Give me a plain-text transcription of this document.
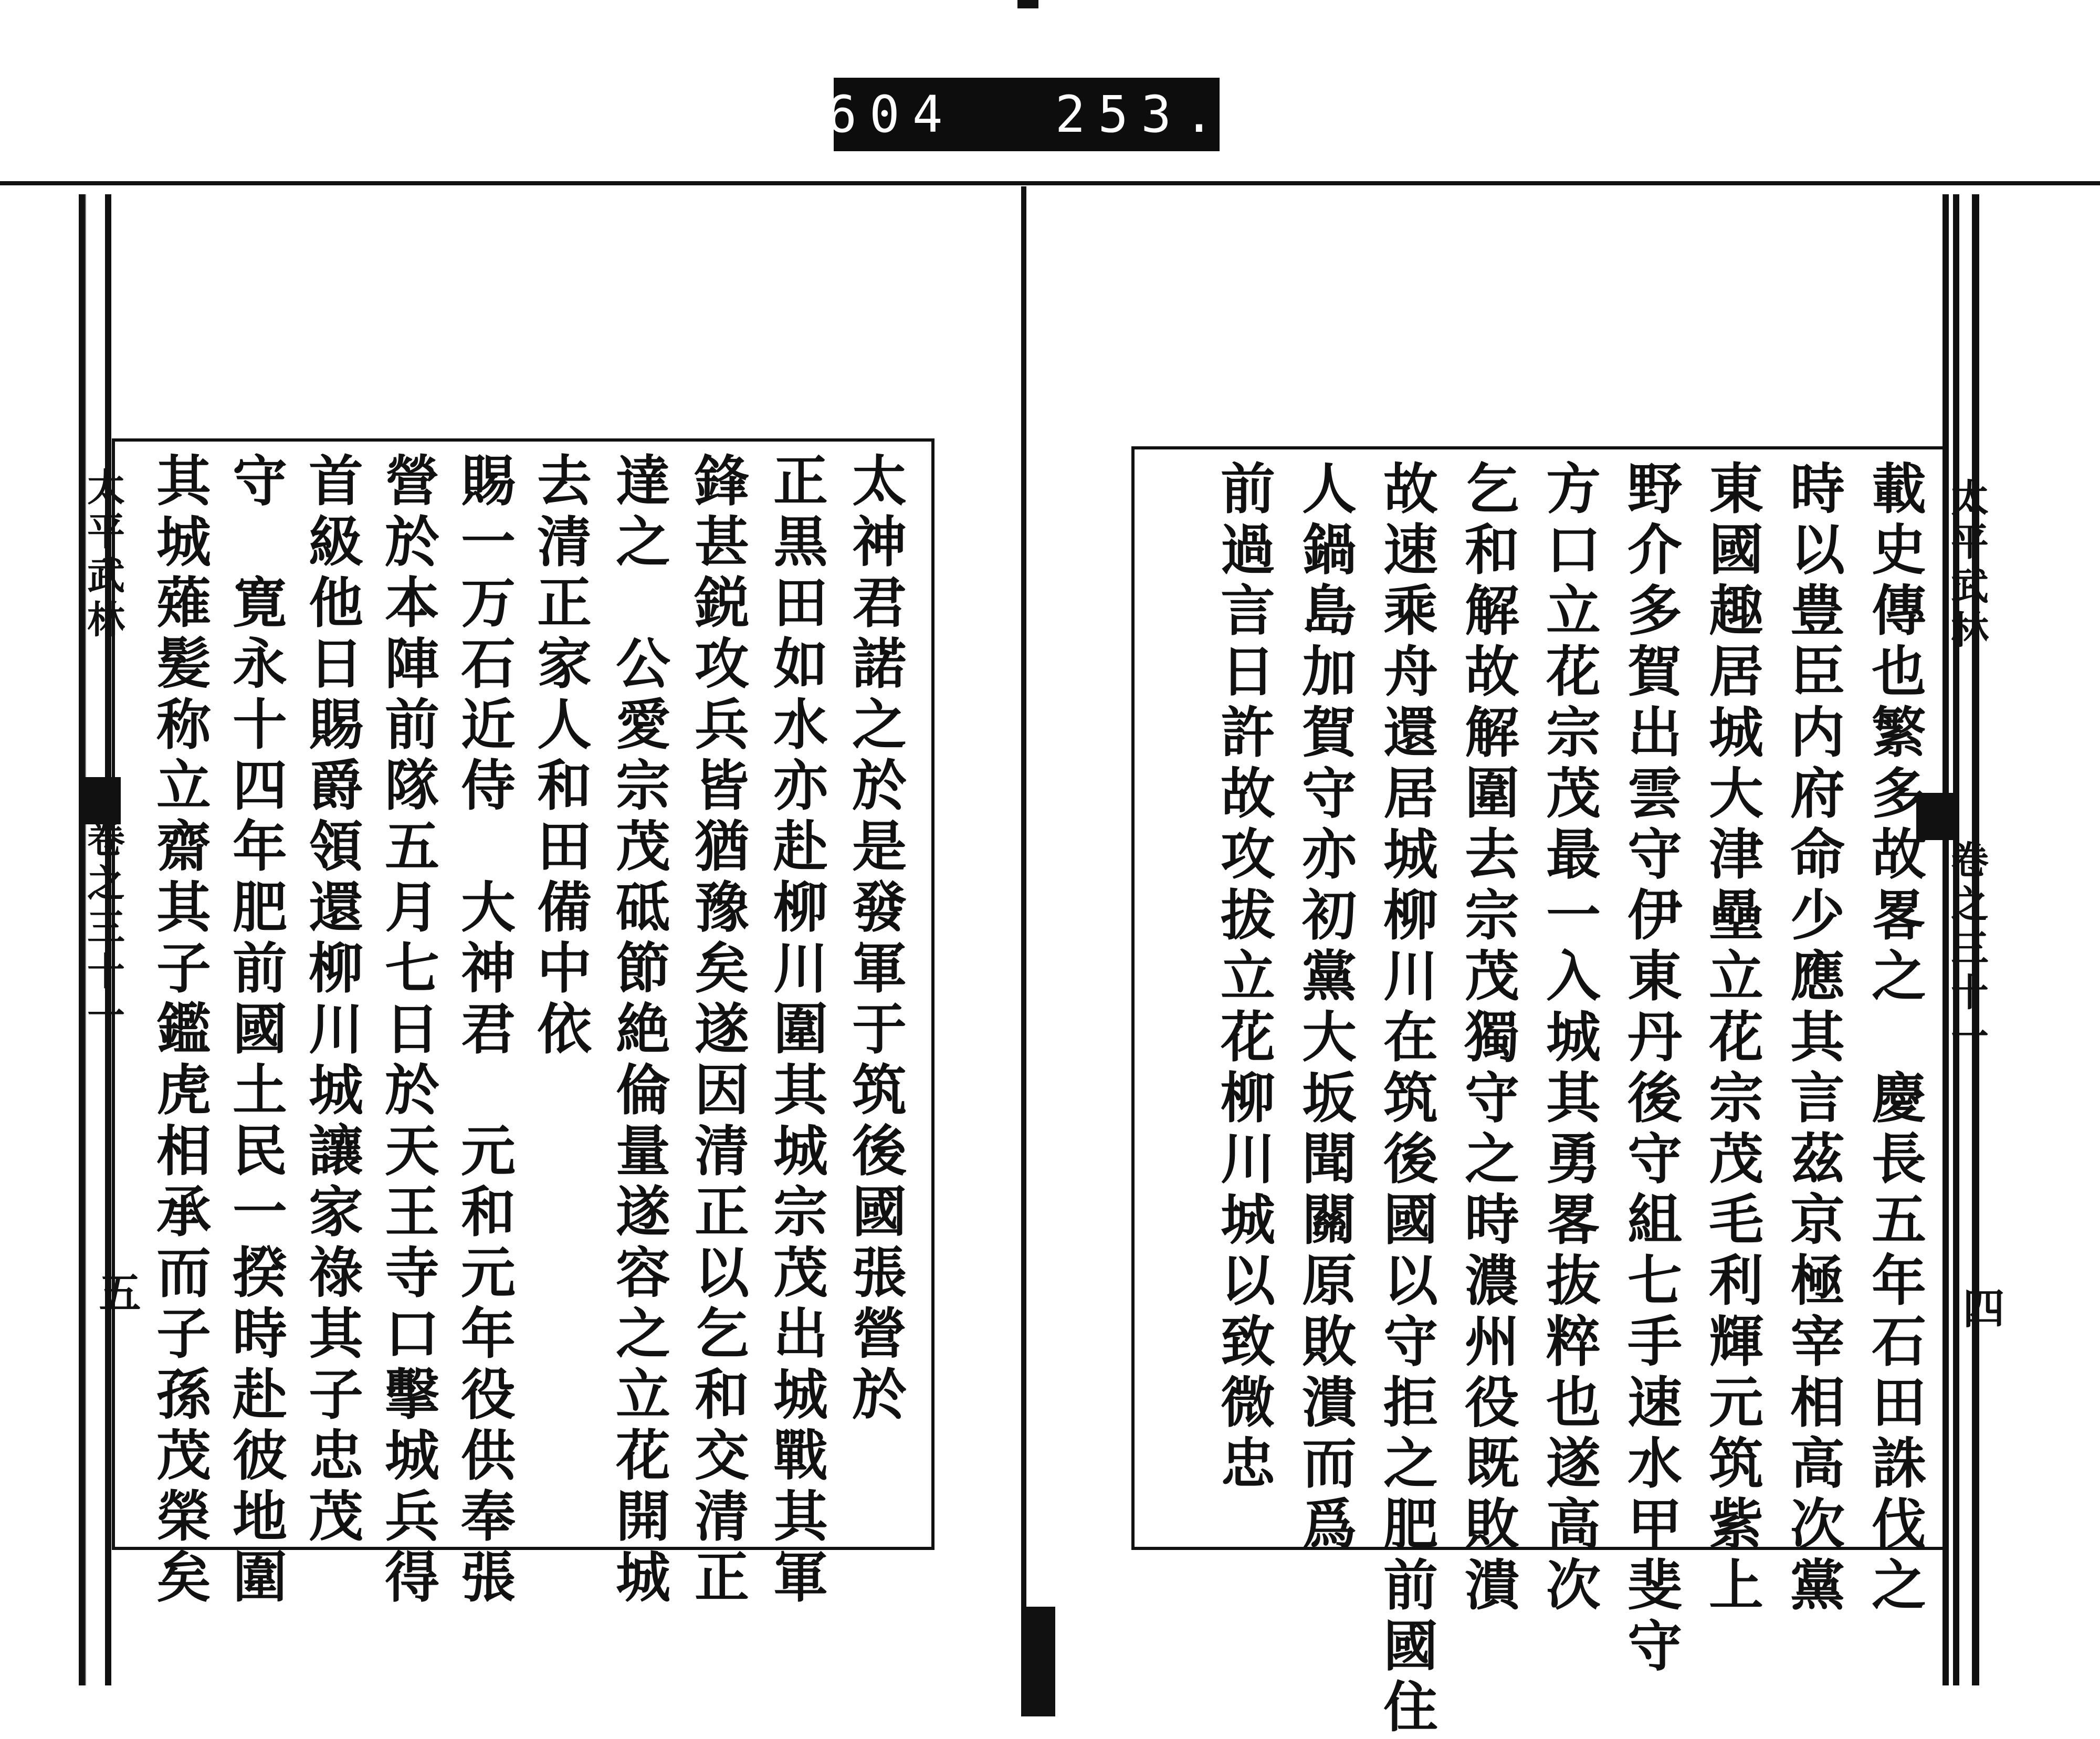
604 253.
太平武林
卷之三十一
五
太平武林
卷之三十一
四
太神君諾之於是發軍于筑後國張營於
正黒田如水亦赴柳川圍其城宗茂出城戰其軍
鋒甚鋭攻兵皆猶豫矣遂因清正以乞和交清正
達之　公愛宗茂砥節絶倫量遂容之立花開城
去清正家人和田備中依
賜一万石近侍　大神君　元和元年役供奉張
營於本陣前隊五月七日於天王寺口擊城兵得
首級他日賜爵領還柳川城讓家祿其子忠茂
守　寛永十四年肥前國土民一揆時赴彼地圍
其城薙髪称立齋其子鑑虎相承而子孫茂榮矣	載史傳也繁多故畧之　慶長五年石田誅伐之
時以豊臣内府命少應其言茲京極宰相高次黨
東國趣居城大津壘立花宗茂毛利輝元筑紫上
野介多賀出雲守伊東丹後守組七手速水甲斐守
方口立花宗茂最一入城其勇畧抜粹也遂高次
乞和解故解圍去宗茂獨守之時濃州役既敗潰
故速乘舟還居城柳川在筑後國以守拒之肥前國住
人鍋島加賀守亦初黨大坂聞關原敗潰而爲
前過言日許故攻拔立花柳川城以致微忠
